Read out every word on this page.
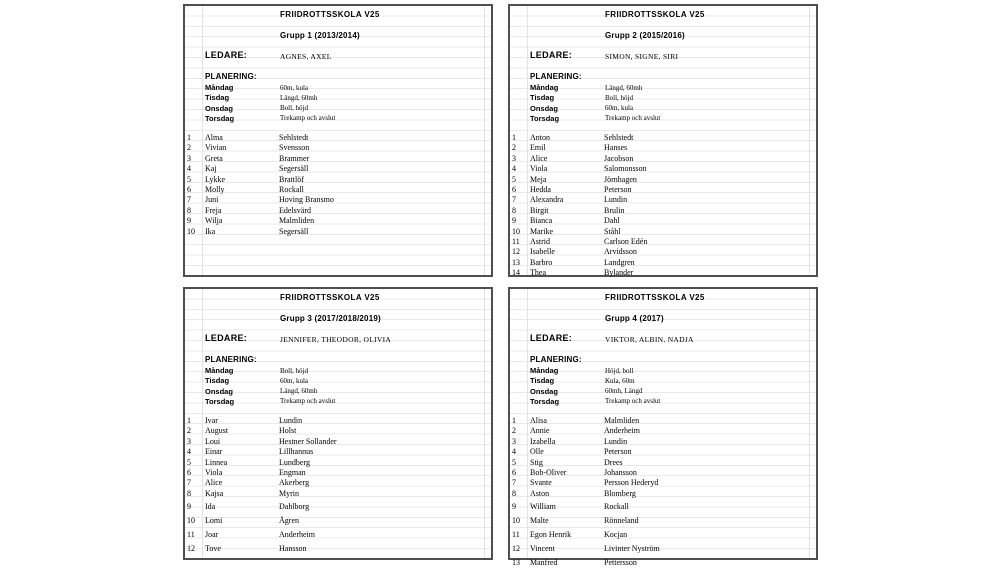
FRIIDROTTSSKOLA V25
Grupp 1 (2013/2014)
LEDARE:	AGNES, AXEL
PLANERING:
Måndag	60m, kula
Tisdag	Längd, 60mh
Onsdag	Boll, höjd
Torsdag	Trekamp och avslut
1	Alma	Sehlstedt
2	Vivian	Svensson
3	Greta	Brammer
4	Kaj	Segersäll
5	Lykke	Brattlöf
6	Molly	Rockall
7	Juni	Hoving Bransmo
8	Freja	Edelsvärd
9	Wilja	Malmliden
10	Ika	Segersäll
FRIIDROTTSSKOLA V25
Grupp 2 (2015/2016)
LEDARE:	SIMON, SIGNE, SIRI
PLANERING:
Måndag	Längd, 60mh
Tisdag	Boll, höjd
Onsdag	60m, kula
Torsdag	Trekamp och avslut
1	Anton	Sehlstedt
2	Emil	Hanses
3	Alice	Jacobson
4	Viola	Salomonsson
5	Meja	Jörnhagen
6	Hedda	Peterson
7	Alexandra	Lundin
8	Birgit	Brulin
9	Bianca	Dahl
10	Marike	Ståhl
11	Astrid	Carlson Edén
12	Isabelle	Arvidsson
13	Barbro	Landgren
14	Thea	Bylander
FRIIDROTTSSKOLA V25
Grupp 3 (2017/2018/2019)
LEDARE:	JENNIFER, THEODOR, OLIVIA
PLANERING:
Måndag	Boll, höjd
Tisdag	60m, kula
Onsdag	Längd, 60mh
Torsdag	Trekamp och avslut
1	Ivar	Lundin
2	August	Holst
3	Loui	Hestner Sollander
4	Einar	Lillhannus
5	Linnea	Lundberg
6	Viola	Engman
7	Alice	Akerberg
8	Kajsa	Myrin
9	Ida	Dahlborg
10	Lomi	Ågren
11	Joar	Anderheim
12	Tove	Hansson
FRIIDROTTSSKOLA V25
Grupp 4 (2017)
LEDARE:	VIKTOR, ALBIN, NADJA
PLANERING:
Måndag	Höjd, boll
Tisdag	Kula, 60m
Onsdag	60mh, Längd
Torsdag	Trekamp och avslut
1	Alisa	Malmliden
2	Annie	Anderheim
3	Izabella	Lundin
4	Olle	Peterson
5	Stig	Drees
6	Bob-Oliver	Johansson
7	Svante	Persson Hederyd
8	Aston	Blomberg
9	William	Rockall
10	Malte	Rönneland
11	Egon Henrik	Kocjan
12	Vincent	Livinter Nyström
13	Manfred	Pettersson
